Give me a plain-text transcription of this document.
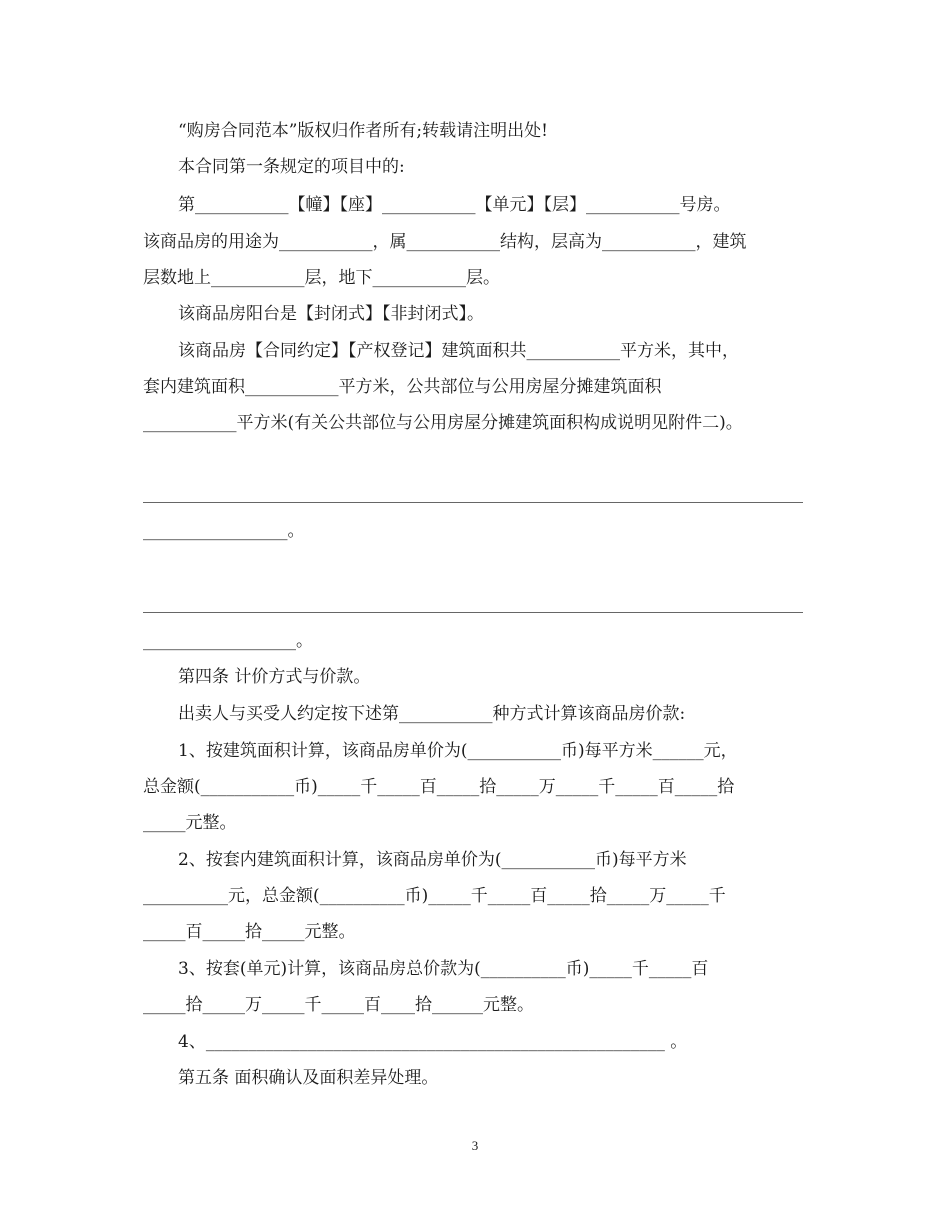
“购房合同范本”版权归作者所有;转载请注明出处!
本合同第一条规定的项目中的:
第___________【幢】【座】___________【单元】【层】___________号房。
该商品房的用途为___________，属___________结构，层高为___________，建筑
层数地上___________层，地下___________层。
该商品房阳台是【封闭式】【非封闭式】。
该商品房【合同约定】【产权登记】建筑面积共___________平方米，其中，
套内建筑面积___________平方米，公共部位与公用房屋分摊建筑面积
___________平方米(有关公共部位与公用房屋分摊建筑面积构成说明见附件二)。
_________________。
__________________。
第四条 计价方式与价款。
出卖人与买受人约定按下述第___________种方式计算该商品房价款:
1、按建筑面积计算，该商品房单价为(___________币)每平方米______元，
总金额(___________币)_____千_____百_____拾_____万_____千_____百_____拾
_____元整。
2、按套内建筑面积计算，该商品房单价为(___________币)每平方米
__________元，总金额(__________币)_____千_____百_____拾_____万_____千
_____百_____拾_____元整。
3、按套(单元)计算，该商品房总价款为(__________币)_____千_____百
_____拾_____万_____千_____百____拾______元整。
4、______________________________________________________ 。
第五条 面积确认及面积差异处理。
3
